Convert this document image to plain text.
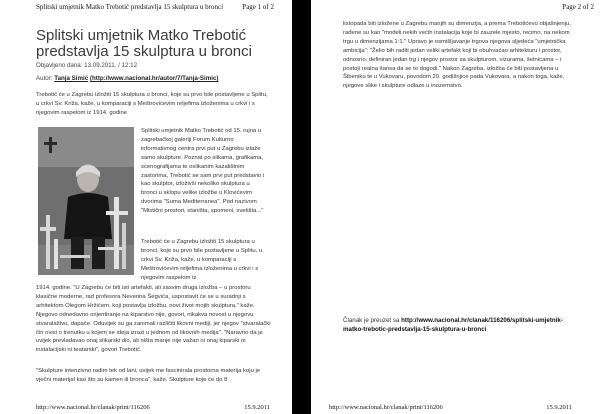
Splitski umjetnik Matko Trebotić predstavlja 15 skulptura u bronci	Page 1 of 2
Splitski umjetnik Matko Trebotić predstavlja 15 skulptura u bronci
Objavljeno dana: 13.09.2011. / 12:12
Autor: Tanja Simić (http://www.nacional.hr/autor/7/Tanja-Simic)

Trebotić će u Zagrebu izložiti 15 skulptura u bronci, koje su prvo bile postavljene u Splitu, u crkvi Sv. Križa, kaže, u komparaciji s Meštrovićevim reljefima izloženima u crkvi i s njegovim raspelom iz 1914. godine

Splitski umjetnik Matko Trebotić od 15. rujna u zagrebačkoj galeriji Forum Kulturno informativnog centra prvi put u Zagrebu izlaže samo skulpture. Poznat po slikama, grafikama, scenografijama te oslikanim kazalištnim zastorima, Trebotić se sam prvi put predstavio i kao skulptor, izloživši nekoliko skulptura u bronci u sklopu velike izložbe u Klovićevim dvorima "Suma Mediterranea". Pod nazivom "Mistični prostori, staništa, spomeni, svetišta..."

Trebotić će u Zagrebu izložiti 15 skulptura u bronci, koje su prvo bile postavljene u Splitu, u crkvi Sv. Križa, kaže, u komparaciji s Meštrovićevim reljefima izloženima u crkvi i s njegovim raspelom iz

1914. godine. "U Zagrebu će biti isti artefakti, ali sasvim druga izložba – u prostoru klasične moderne, rad profesora Neverina Šegvića, uspostavit će se u suradnji s arhitektom Olegom Hržićem. koji postavlja izložbu, novi život mojih skulptura," kaže. Njegovo odnedavno orijentiranje na kiparstvo nije, govori, nikakva novost u njegovu stvaralaštvu, dapače. Oduvijek su ga zanimali različiti likovni mediji, jer njegov "stvaralački čin ovisi o trenutku u kojem se ideja izrazi u jednom od likovnih medija". "Naravno da je uvijek prevladavao onaj slikarski dio, ali ništa manje nije važan ni onaj kiparski ni instalacijski ni teatarski", govori Trebotić.

"Skulpture intenzivno radim tek od lani, uvijek me fascinirala prostorna materija koju je vječni materijal kao što su kamen ili bronca", kaže. Skulpture koje će do 8

http://www.nacional.hr/clanak/print/116206	15.9.2011
Page 2 of 2

listopada biti izložene u Zagrebu manjih su dimenzija, a prema Trebotićevu objašnjenju, rađene su kao "modeli nekih većih instalacija koje bi zauzele mjesto, recimo, na nekom trgu u dimenzijama 1:1." Upravo je osmišljavanje trgova njegova sljedeća "umjetnička ambicija": "Želio bih raditi jedan veliki artefakt koji bi obuhvaćao arhitekturu i prostor, odnosno, definiran jedan trg i njegov prostor sa skulpturom, vizurama, šetnicama – i postoji realna šansa da se to dogodi." Nakon Zagreba, izložba će biti postavljena u Šibeniku te u Vukovaru, povodom 20. godišnjice pada Vukovara, a nakon toga, kaže, njegove slike i skulpture odlaze u inozemstvo.

Članak je preuzet sa http://www.nacional.hr/clanak/116206/splitski-umjetnik-matko-trebotic-predstavlja-15-skulptura-u-bronci

http://www.nacional.hr/clanak/print/116206	15.9.2011
